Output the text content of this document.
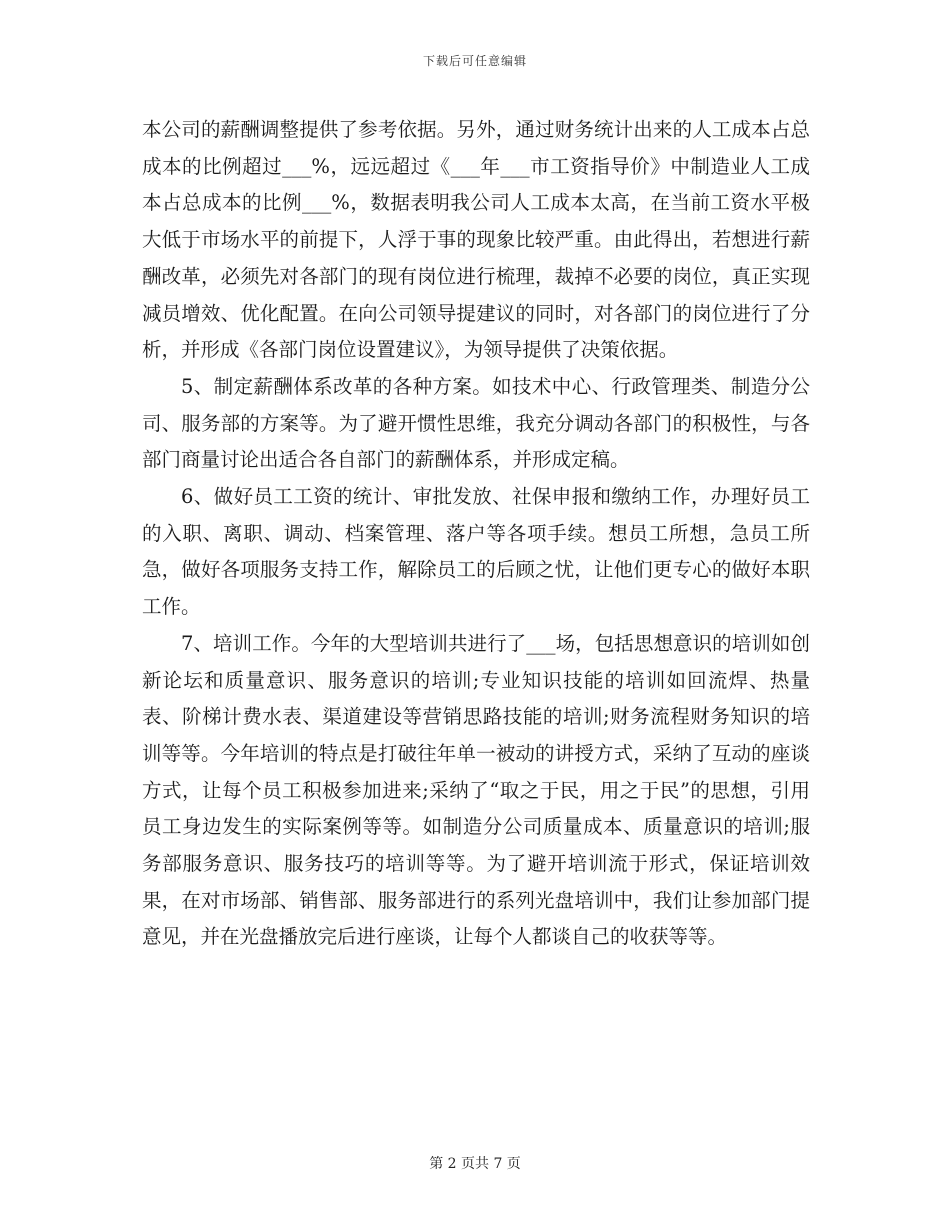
下载后可任意编辑

本公司的薪酬调整提供了参考依据。另外，通过财务统计出来的人工成本占总成本的比例超过___%，远远超过《___年___市工资指导价》中制造业人工成本占总成本的比例___%，数据表明我公司人工成本太高，在当前工资水平极大低于市场水平的前提下，人浮于事的现象比较严重。由此得出，若想进行薪酬改革，必须先对各部门的现有岗位进行梳理，裁掉不必要的岗位，真正实现减员增效、优化配置。在向公司领导提建议的同时，对各部门的岗位进行了分析，并形成《各部门岗位设置建议》，为领导提供了决策依据。

5、制定薪酬体系改革的各种方案。如技术中心、行政管理类、制造分公司、服务部的方案等。为了避开惯性思维，我充分调动各部门的积极性，与各部门商量讨论出适合各自部门的薪酬体系，并形成定稿。

6、做好员工工资的统计、审批发放、社保申报和缴纳工作，办理好员工的入职、离职、调动、档案管理、落户等各项手续。想员工所想，急员工所急，做好各项服务支持工作，解除员工的后顾之忧，让他们更专心的做好本职工作。

7、培训工作。今年的大型培训共进行了___场，包括思想意识的培训如创新论坛和质量意识、服务意识的培训;专业知识技能的培训如回流焊、热量表、阶梯计费水表、渠道建设等营销思路技能的培训;财务流程财务知识的培训等等。今年培训的特点是打破往年单一被动的讲授方式，采纳了互动的座谈方式，让每个员工积极参加进来;采纳了“取之于民，用之于民”的思想，引用员工身边发生的实际案例等等。如制造分公司质量成本、质量意识的培训;服务部服务意识、服务技巧的培训等等。为了避开培训流于形式，保证培训效果，在对市场部、销售部、服务部进行的系列光盘培训中，我们让参加部门提意见，并在光盘播放完后进行座谈，让每个人都谈自己的收获等等。

第 2 页共 7 页
